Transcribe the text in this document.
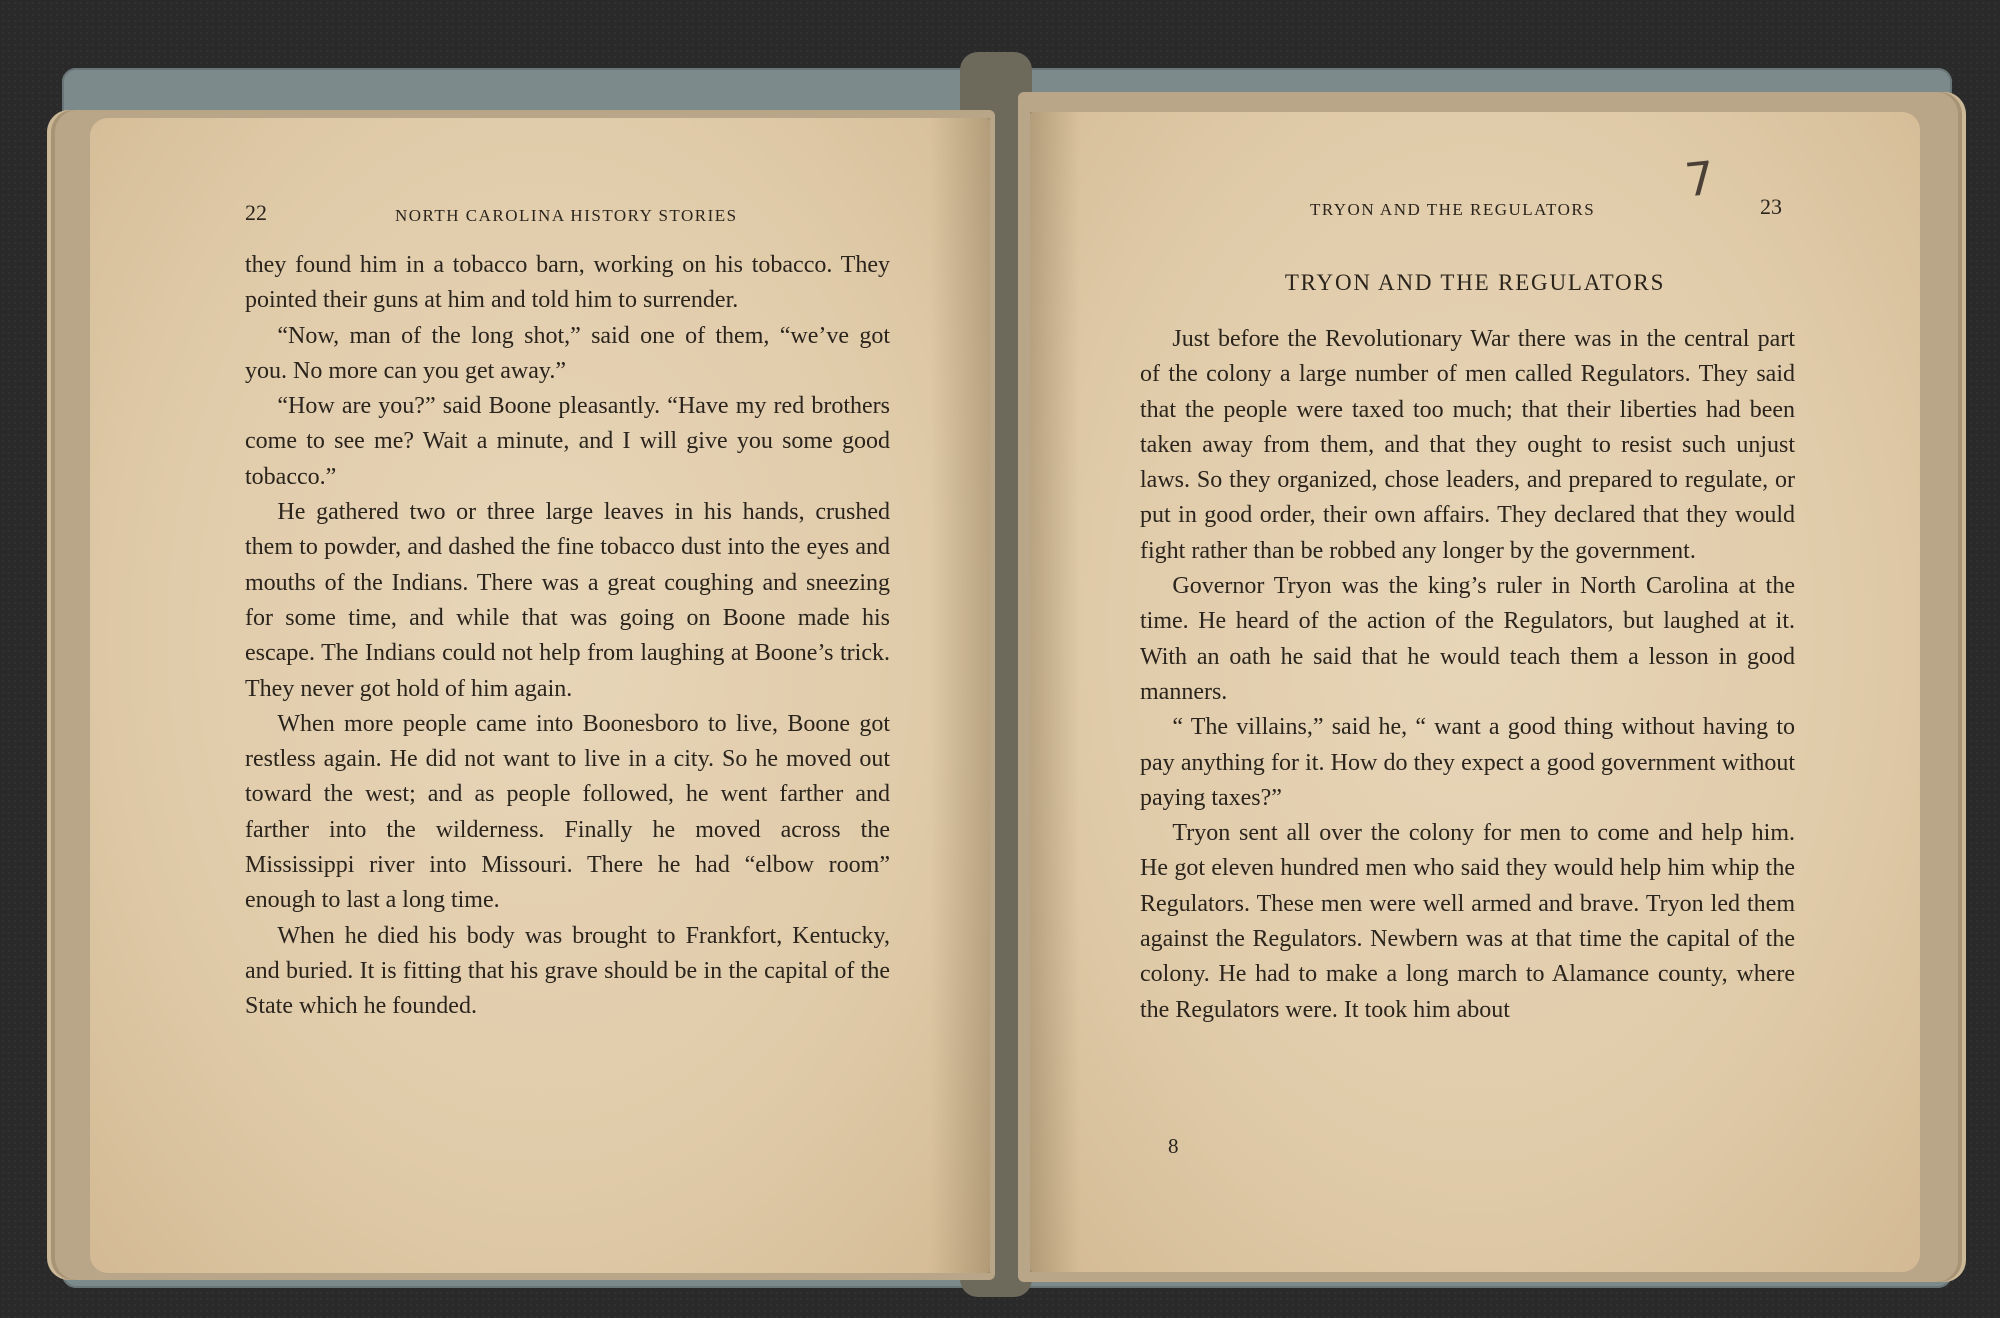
22	NORTH CAROLINA HISTORY STORIES

they found him in a tobacco barn, working on his tobacco. They pointed their guns at him and told him to surrender.

“Now, man of the long shot,” said one of them, “we’ve got you. No more can you get away.”

“How are you?” said Boone pleasantly. “Have my red brothers come to see me? Wait a minute, and I will give you some good tobacco.”

He gathered two or three large leaves in his hands, crushed them to powder, and dashed the fine tobacco dust into the eyes and mouths of the Indians. There was a great coughing and sneezing for some time, and while that was going on Boone made his escape. The Indians could not help from laughing at Boone’s trick. They never got hold of him again.

When more people came into Boonesboro to live, Boone got restless again. He did not want to live in a city. So he moved out toward the west; and as people followed, he went farther and farther into the wilderness. Finally he moved across the Mississippi river into Missouri. There he had “elbow room” enough to last a long time.

When he died his body was brought to Frankfort, Kentucky, and buried. It is fitting that his grave should be in the capital of the State which he founded.

TRYON AND THE REGULATORS
7 23
TRYON AND THE REGULATORS

Just before the Revolutionary War there was in the central part of the colony a large number of men called Regulators. They said that the people were taxed too much; that their liberties had been taken away from them, and that they ought to resist such unjust laws. So they organized, chose leaders, and prepared to regulate, or put in good order, their own affairs. They declared that they would fight rather than be robbed any longer by the government.

Governor Tryon was the king’s ruler in North Carolina at the time. He heard of the action of the Regulators, but laughed at it. With an oath he said that he would teach them a lesson in good manners.

“ The villains,” said he, “ want a good thing without having to pay anything for it. How do they expect a good government without paying taxes?”

Tryon sent all over the colony for men to come and help him. He got eleven hundred men who said they would help him whip the Regulators. These men were well armed and brave. Tryon led them against the Regulators. Newbern was at that time the capital of the colony. He had to make a long march to Alamance county, where the Regulators were. It took him about

8
